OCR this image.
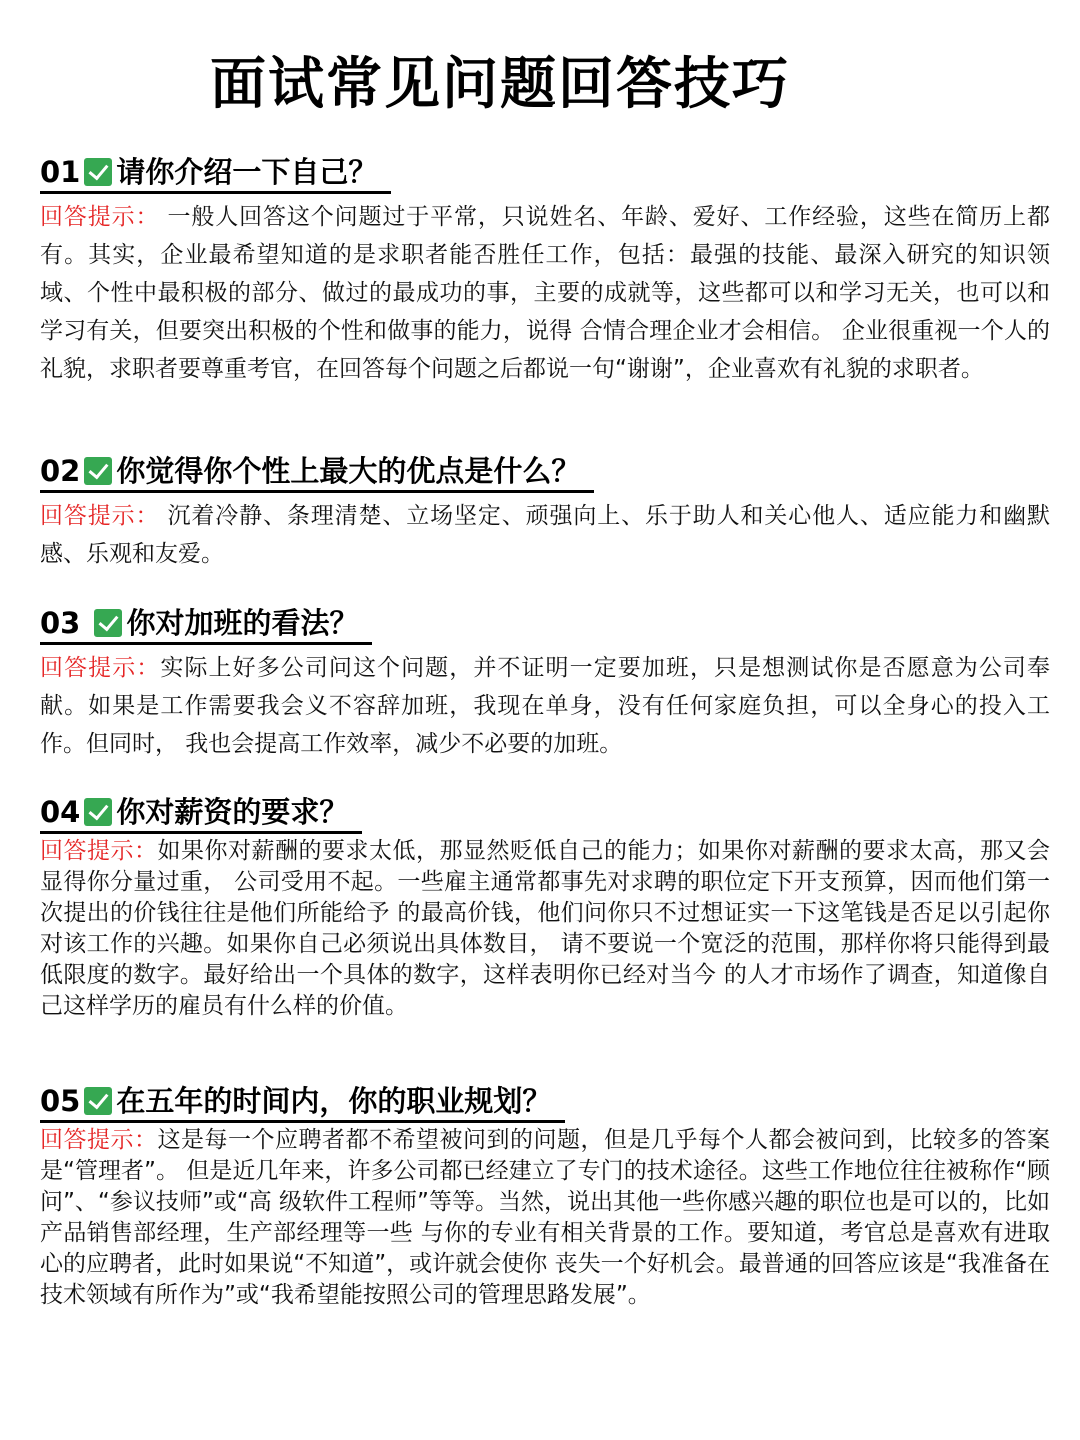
面试常见问题回答技巧
01 请你介绍一下自己？

回答提示： 一般人回答这个问题过于平常，只说姓名、年龄、爱好、工作经验，这些在简历上都有。其实，企业最希望知道的是求职者能否胜任工作，包括：最强的技能、最深入研究的知识领域、个性中最积极的部分、做过的最成功的事，主要的成就等，这些都可以和学习无关，也可以和学习有关，但要突出积极的个性和做事的能力，说得 合情合理企业才会相信。 企业很重视一个人的礼貌，求职者要尊重考官，在回答每个问题之后都说一句“谢谢”，企业喜欢有礼貌的求职者。

02 你觉得你个性上最大的优点是什么？

回答提示： 沉着冷静、条理清楚、立场坚定、顽强向上、乐于助人和关心他人、适应能力和幽默感、乐观和友爱。

03 你对加班的看法？

回答提示：实际上好多公司问这个问题，并不证明一定要加班，只是想测试你是否愿意为公司奉献。如果是工作需要我会义不容辞加班，我现在单身，没有任何家庭负担，可以全身心的投入工作。但同时， 我也会提高工作效率，减少不必要的加班。

04 你对薪资的要求？

回答提示：如果你对薪酬的要求太低，那显然贬低自己的能力；如果你对薪酬的要求太高，那又会显得你分量过重， 公司受用不起。一些雇主通常都事先对求聘的职位定下开支预算，因而他们第一次提出的价钱往往是他们所能给予 的最高价钱，他们问你只不过想证实一下这笔钱是否足以引起你对该工作的兴趣。如果你自己必须说出具体数目， 请不要说一个宽泛的范围，那样你将只能得到最低限度的数字。最好给出一个具体的数字，这样表明你已经对当今 的人才市场作了调查，知道像自己这样学历的雇员有什么样的价值。

05 在五年的时间内，你的职业规划？

回答提示：这是每一个应聘者都不希望被问到的问题，但是几乎每个人都会被问到，比较多的答案是“管理者”。 但是近几年来，许多公司都已经建立了专门的技术途径。这些工作地位往往被称作“顾问”、“参议技师”或“高 级软件工程师”等等。当然，说出其他一些你感兴趣的职位也是可以的，比如产品销售部经理，生产部经理等一些 与你的专业有相关背景的工作。要知道，考官总是喜欢有进取心的应聘者，此时如果说“不知道”，或许就会使你 丧失一个好机会。最普通的回答应该是“我准备在技术领域有所作为”或“我希望能按照公司的管理思路发展”。
